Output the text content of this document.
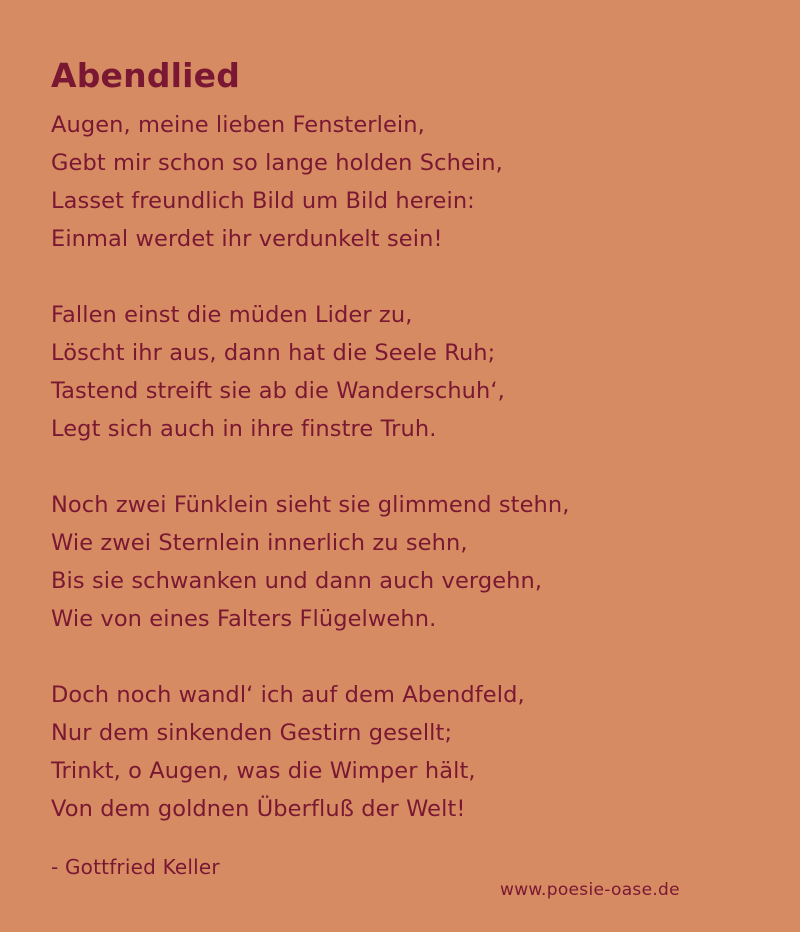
Abendlied
Augen, meine lieben Fensterlein,
Gebt mir schon so lange holden Schein,
Lasset freundlich Bild um Bild herein:
Einmal werdet ihr verdunkelt sein!
Fallen einst die müden Lider zu,
Löscht ihr aus, dann hat die Seele Ruh;
Tastend streift sie ab die Wanderschuh‘,
Legt sich auch in ihre finstre Truh.
Noch zwei Fünklein sieht sie glimmend stehn,
Wie zwei Sternlein innerlich zu sehn,
Bis sie schwanken und dann auch vergehn,
Wie von eines Falters Flügelwehn.
Doch noch wandl‘ ich auf dem Abendfeld,
Nur dem sinkenden Gestirn gesellt;
Trinkt, o Augen, was die Wimper hält,
Von dem goldnen Überfluß der Welt!
- Gottfried Keller
www.poesie-oase.de
